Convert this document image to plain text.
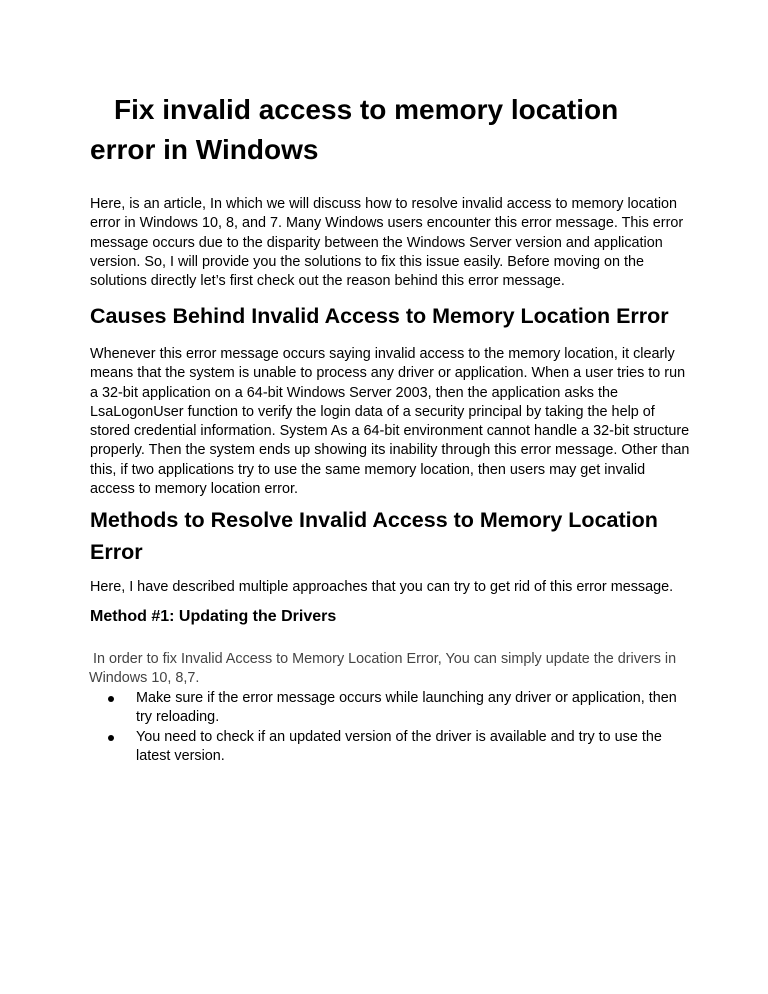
Fix invalid access to memory location error in Windows

Here, is an article, In which we will discuss how to resolve invalid access to memory location error in Windows 10, 8, and 7. Many Windows users encounter this error message. This error message occurs due to the disparity between the Windows Server version and application version. So, I will provide you the solutions to fix this issue easily. Before moving on the solutions directly let’s first check out the reason behind this error message.

Causes Behind Invalid Access to Memory Location Error

Whenever this error message occurs saying invalid access to the memory location, it clearly means that the system is unable to process any driver or application. When a user tries to run a 32-bit application on a 64-bit Windows Server 2003, then the application asks the LsaLogonUser function to verify the login data of a security principal by taking the help of stored credential information. System As a 64-bit environment cannot handle a 32-bit structure properly. Then the system ends up showing its inability through this error message. Other than this, if two applications try to use the same memory location, then users may get invalid access to memory location error.

Methods to Resolve Invalid Access to Memory Location Error

Here, I have described multiple approaches that you can try to get rid of this error message.

Method #1: Updating the Drivers

In order to fix Invalid Access to Memory Location Error, You can simply update the drivers in Windows 10, 8,7.

Make sure if the error message occurs while launching any driver or application, then try reloading.
You need to check if an updated version of the driver is available and try to use the latest version.
